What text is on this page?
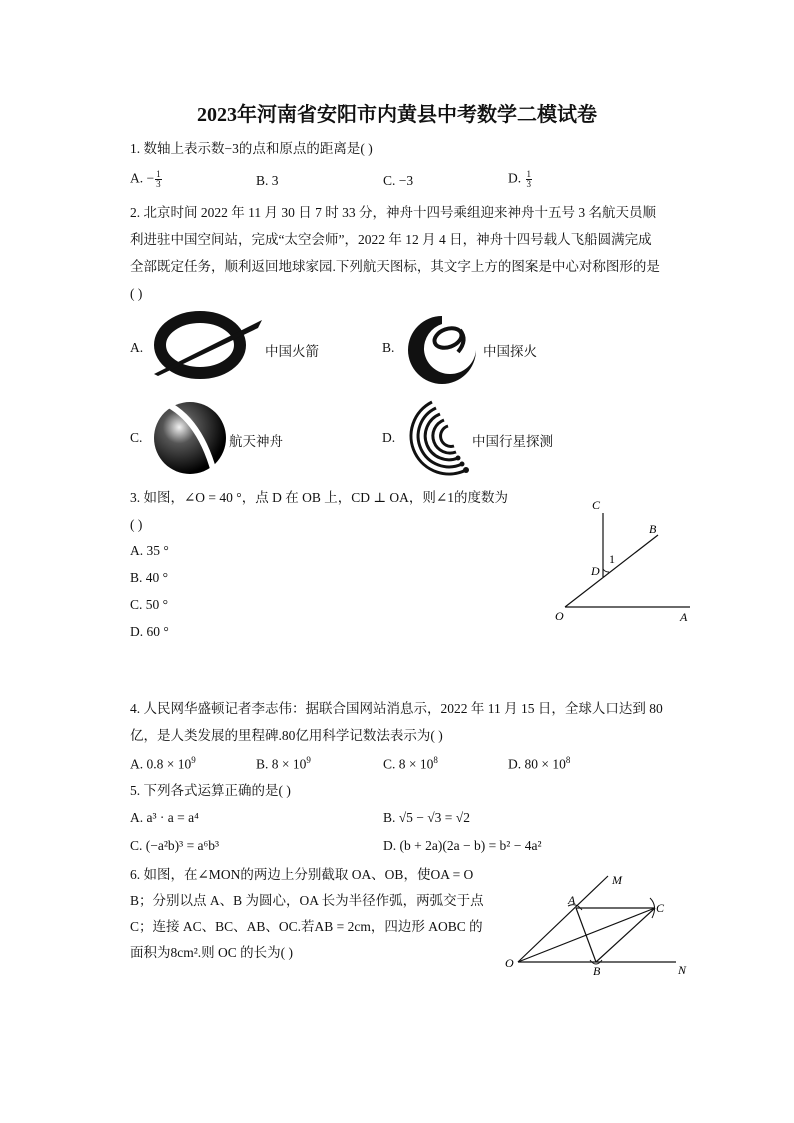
2023年河南省安阳市内黄县中考数学二模试卷
1. 数轴上表示数−3的点和原点的距离是( )
A. − $\frac{1}{3}$	B. 3	C. −3	D. $\frac{1}{3}$
2. 北京时间 2022 年 11 月 30 日 7 时 33 分，神舟十四号乘组迎来神舟十五号 3 名航天员顺
利进驻中国空间站，完成“太空会师”，2022 年 12 月 4 日，神舟十四号载人飞船圆满完成
全部既定任务，顺利返回地球家园.下列航天图标，其文字上方的图案是中心对称图形的是
( )
A.	中国火箭	B.	中国探火
C.	航天神舟	D.	中国行星探测
3. 如图，∠O = 40 °，点 D 在 OB 上，CD ⊥ OA，则∠1的度数为
( )
A. 35 °
B. 40 °
C. 50 °
D. 60 °
C
B
1
D
O	A
4. 人民网华盛顿记者李志伟：据联合国网站消息示，2022 年 11 月 15 日，全球人口达到 80
亿，是人类发展的里程碑.80亿用科学记数法表示为( )
A. $0.8 \times 10^9$	B. $8 \times 10^9$	C. $8 \times 10^8$	D. $80 \times 10^8$
5. 下列各式运算正确的是( )
A. a³ · a = a⁴	B. √5 − √3 = √2
C. (−a²b)³ = a⁶b³	D. (b + 2a)(2a − b) = b² − 4a²
6. 如图，在∠MON的两边上分别截取 OA、OB，使OA = O
B；分别以点 A、B 为圆心，OA 长为半径作弧，两弧交于点
C；连接 AC、BC、AB、OC.若AB = 2cm，四边形 AOBC 的
面积为8cm².则 OC 的长为( )
M
A
C
O
B	N
